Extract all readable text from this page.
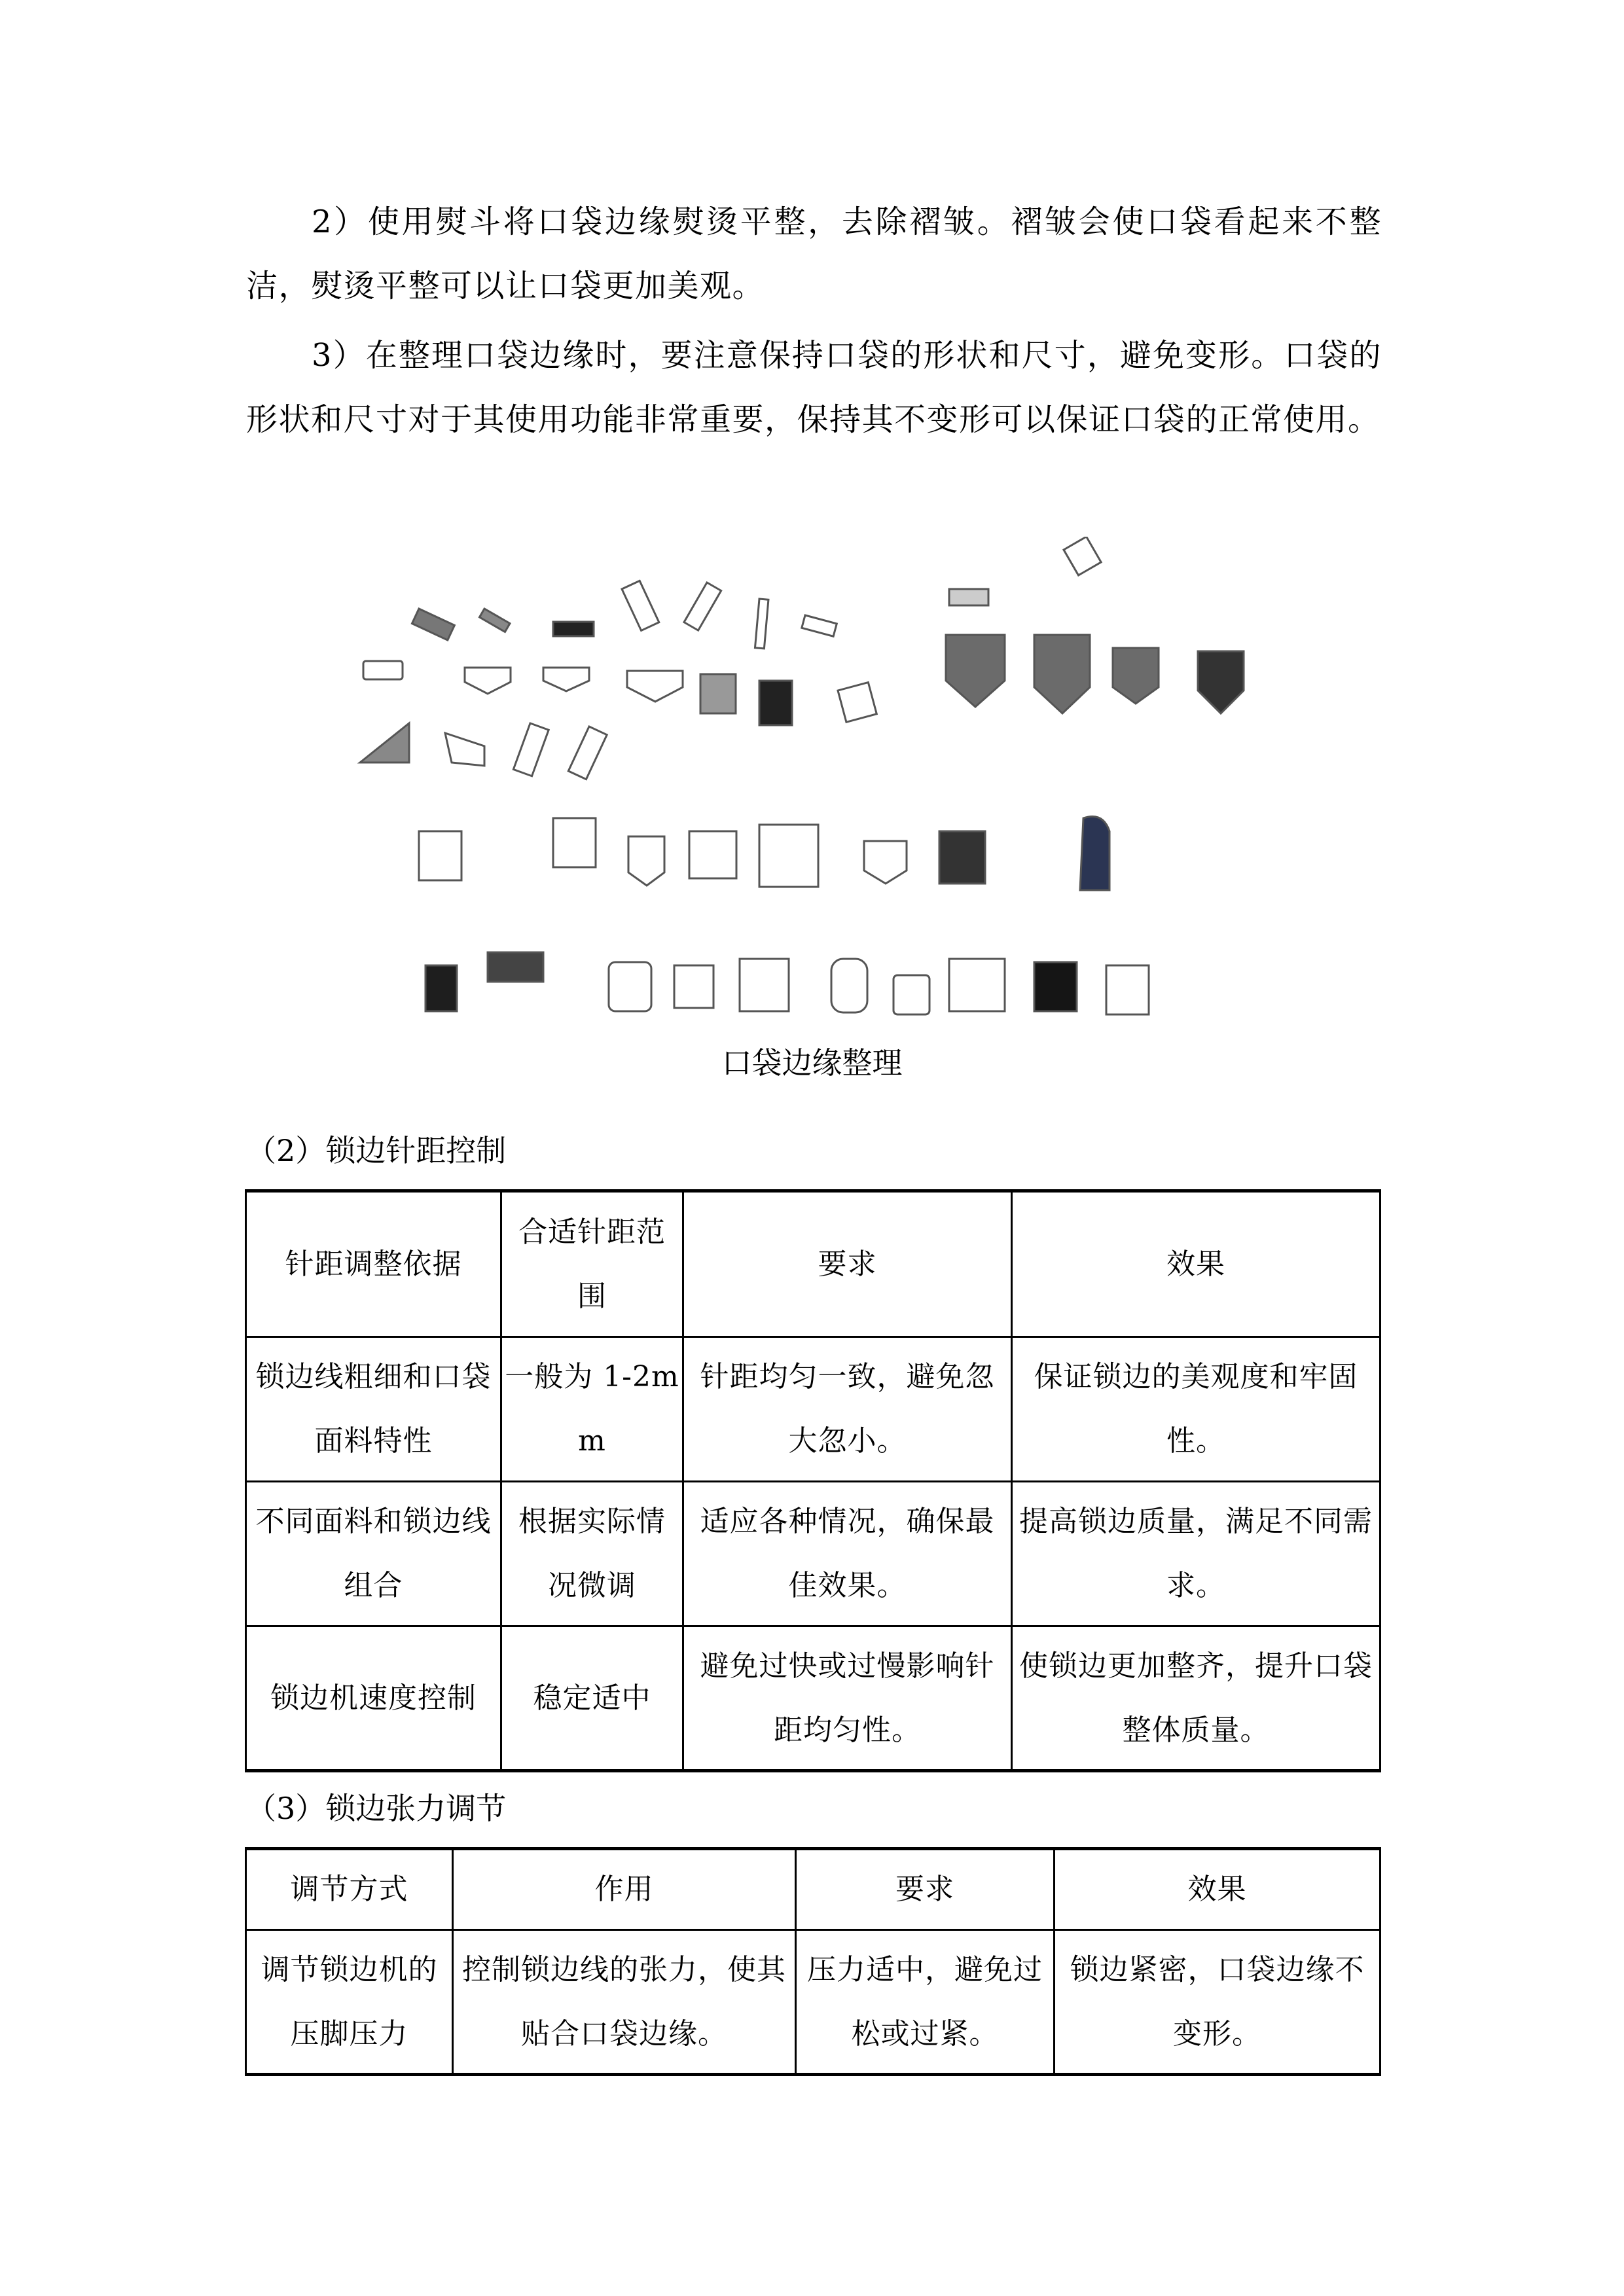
2）使用熨斗将口袋边缘熨烫平整，去除褶皱。褶皱会使口袋看起来不整洁，熨烫平整可以让口袋更加美观。

3）在整理口袋边缘时，要注意保持口袋的形状和尺寸，避免变形。口袋的形状和尺寸对于其使用功能非常重要，保持其不变形可以保证口袋的正常使用。

口袋边缘整理

（2）锁边针距控制

针距调整依据	合适针距范围	要求	效果
锁边线粗细和口袋面料特性	一般为 1-2mm	针距均匀一致，避免忽大忽小。	保证锁边的美观度和牢固性。
不同面料和锁边线组合	根据实际情况微调	适应各种情况，确保最佳效果。	提高锁边质量，满足不同需求。
锁边机速度控制	稳定适中	避免过快或过慢影响针距均匀性。	使锁边更加整齐，提升口袋整体质量。

（3）锁边张力调节

调节方式	作用	要求	效果
调节锁边机的压脚压力	控制锁边线的张力，使其贴合口袋边缘。	压力适中，避免过松或过紧。	锁边紧密，口袋边缘不变形。
